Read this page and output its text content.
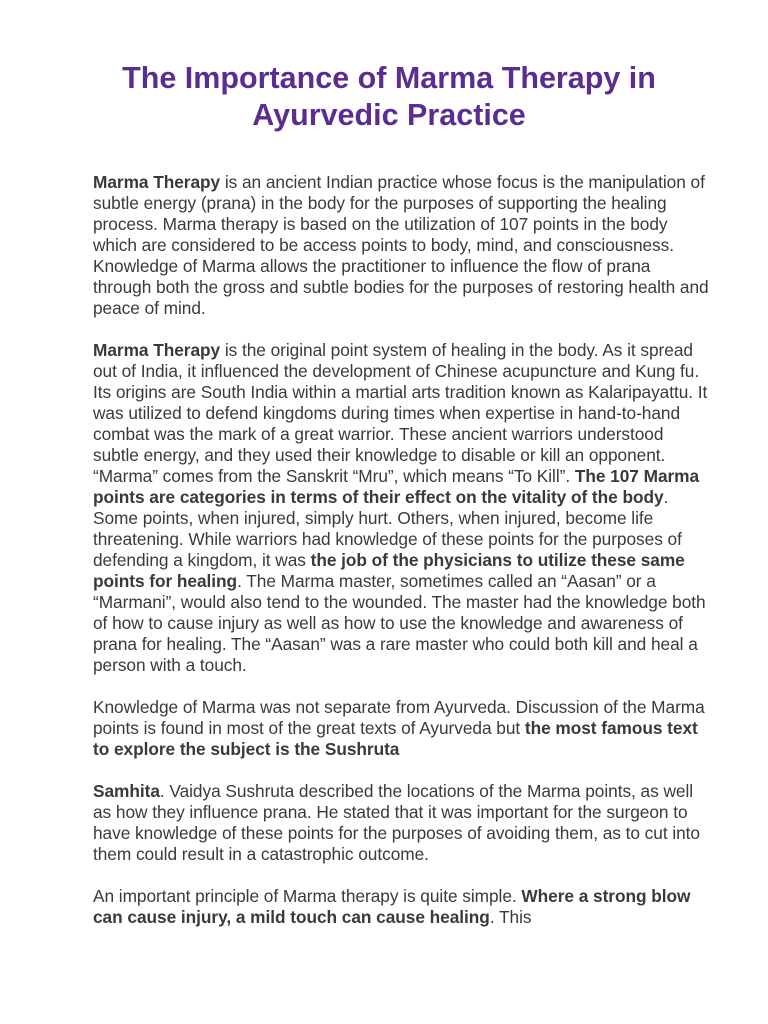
The Importance of Marma Therapy in Ayurvedic Practice

Marma Therapy is an ancient Indian practice whose focus is the manipulation of subtle energy (prana) in the body for the purposes of supporting the healing process. Marma therapy is based on the utilization of 107 points in the body which are considered to be access points to body, mind, and consciousness. Knowledge of Marma allows the practitioner to influence the flow of prana through both the gross and subtle bodies for the purposes of restoring health and peace of mind.

Marma Therapy is the original point system of healing in the body. As it spread out of India, it influenced the development of Chinese acupuncture and Kung fu. Its origins are South India within a martial arts tradition known as Kalaripayattu. It was utilized to defend kingdoms during times when expertise in hand-to-hand combat was the mark of a great warrior. These ancient warriors understood subtle energy, and they used their knowledge to disable or kill an opponent. “Marma” comes from the Sanskrit “Mru”, which means “To Kill”. The 107 Marma points are categories in terms of their effect on the vitality of the body. Some points, when injured, simply hurt. Others, when injured, become life threatening. While warriors had knowledge of these points for the purposes of defending a kingdom, it was the job of the physicians to utilize these same points for healing. The Marma master, sometimes called an “Aasan” or a “Marmani”, would also tend to the wounded. The master had the knowledge both of how to cause injury as well as how to use the knowledge and awareness of prana for healing. The “Aasan” was a rare master who could both kill and heal a person with a touch.

Knowledge of Marma was not separate from Ayurveda. Discussion of the Marma points is found in most of the great texts of Ayurveda but the most famous text to explore the subject is the Sushruta

Samhita. Vaidya Sushruta described the locations of the Marma points, as well as how they influence prana. He stated that it was important for the surgeon to have knowledge of these points for the purposes of avoiding them, as to cut into them could result in a catastrophic outcome.

An important principle of Marma therapy is quite simple. Where a strong blow can cause injury, a mild touch can cause healing. This
